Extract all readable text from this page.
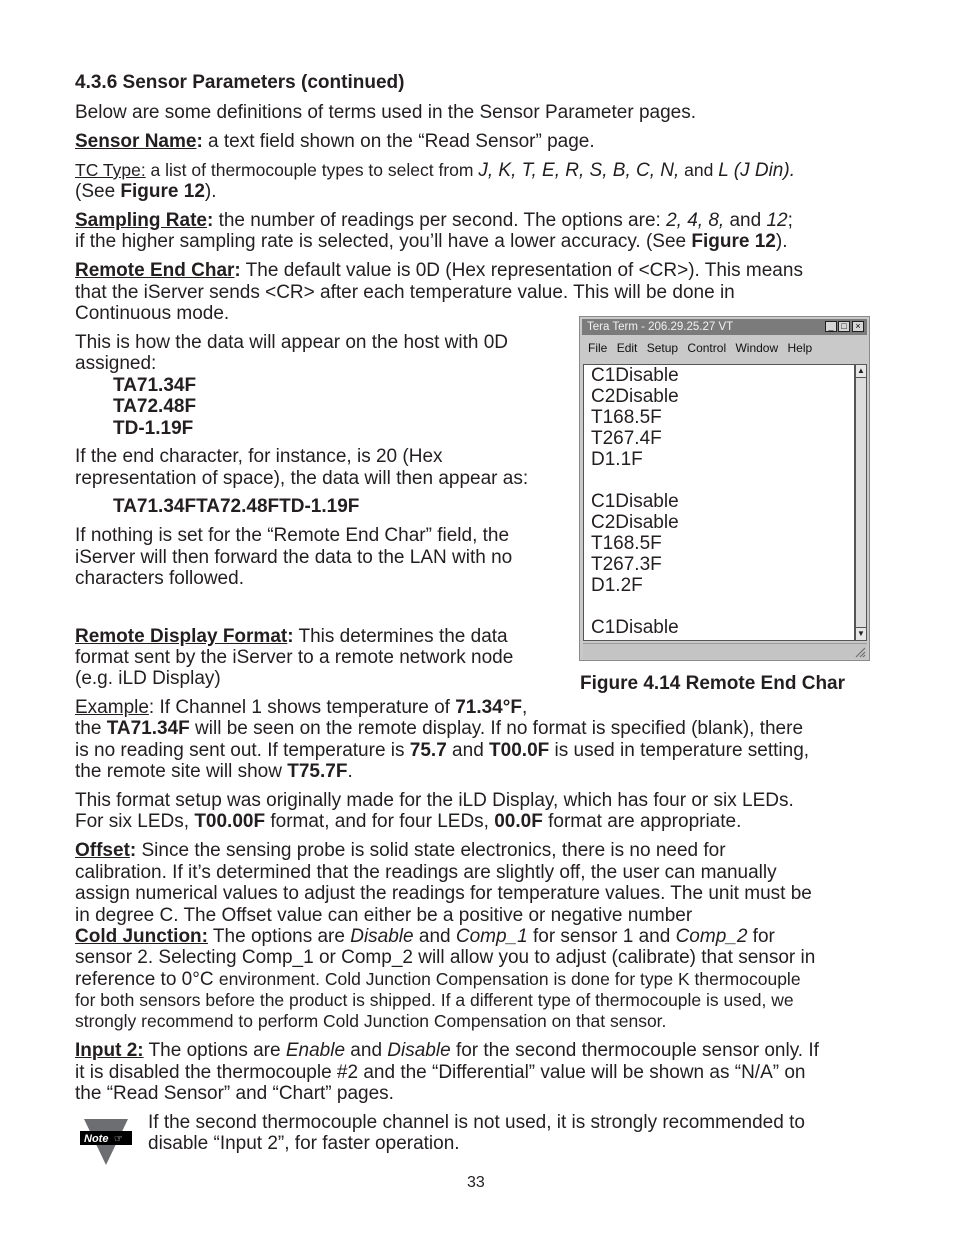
4.3.6 Sensor Parameters (continued)
Below are some definitions of terms used in the Sensor Parameter pages.
Sensor Name: a text field shown on the “Read Sensor” page.
TC Type: a list of thermocouple types to select from J, K, T, E, R, S, B, C, N, and L (J Din).
(See Figure 12).
Sampling Rate: the number of readings per second. The options are: 2, 4, 8, and 12;
if the higher sampling rate is selected, you’ll have a lower accuracy. (See Figure 12).
Remote End Char: The default value is 0D (Hex representation of <CR>). This means
that the iServer sends <CR> after each temperature value. This will be done in
Continuous mode.
This is how the data will appear on the host with 0D
assigned:
TA71.34F
TA72.48F
TD-1.19F
If the end character, for instance, is 20 (Hex
representation of space), the data will then appear as:
TA71.34FTA72.48FTD-1.19F
If nothing is set for the “Remote End Char” field, the
iServer will then forward the data to the LAN with no
characters followed.
Remote Display Format: This determines the data
format sent by the iServer to a remote network node
(e.g. iLD Display)
Example: If Channel 1 shows temperature of 71.34°F,
the TA71.34F will be seen on the remote display. If no format is specified (blank), there
is no reading sent out. If temperature is 75.7 and T00.0F is used in temperature setting,
the remote site will show T75.7F.
This format setup was originally made for the iLD Display, which has four or six LEDs.
For six LEDs, T00.00F format, and for four LEDs, 00.0F format are appropriate.
Offset: Since the sensing probe is solid state electronics, there is no need for
calibration. If it’s determined that the readings are slightly off, the user can manually
assign numerical values to adjust the readings for temperature values. The unit must be
in degree C. The Offset value can either be a positive or negative number
Cold Junction: The options are Disable and Comp_1 for sensor 1 and Comp_2 for
sensor 2. Selecting Comp_1 or Comp_2 will allow you to adjust (calibrate) that sensor in
reference to 0°C environment. Cold Junction Compensation is done for type K thermocouple
for both sensors before the product is shipped. If a different type of thermocouple is used, we
strongly recommend to perform Cold Junction Compensation on that sensor.
Input 2: The options are Enable and Disable for the second thermocouple sensor only. If
it is disabled the thermocouple #2 and the “Differential” value will be shown as “N/A” on
the “Read Sensor” and “Chart” pages.
Note ☞
If the second thermocouple channel is not used, it is strongly recommended to
disable “Input 2”, for faster operation.
Tera Term - 206.29.25.27 VT	_ □ ×
File Edit Setup Control Window Help
C1Disable
C2Disable
T168.5F
T267.4F
D1.1F
C1Disable
C2Disable
T168.5F
T267.3F
D1.2F
C1Disable
▲
▼
Figure 4.14 Remote End Char
33
